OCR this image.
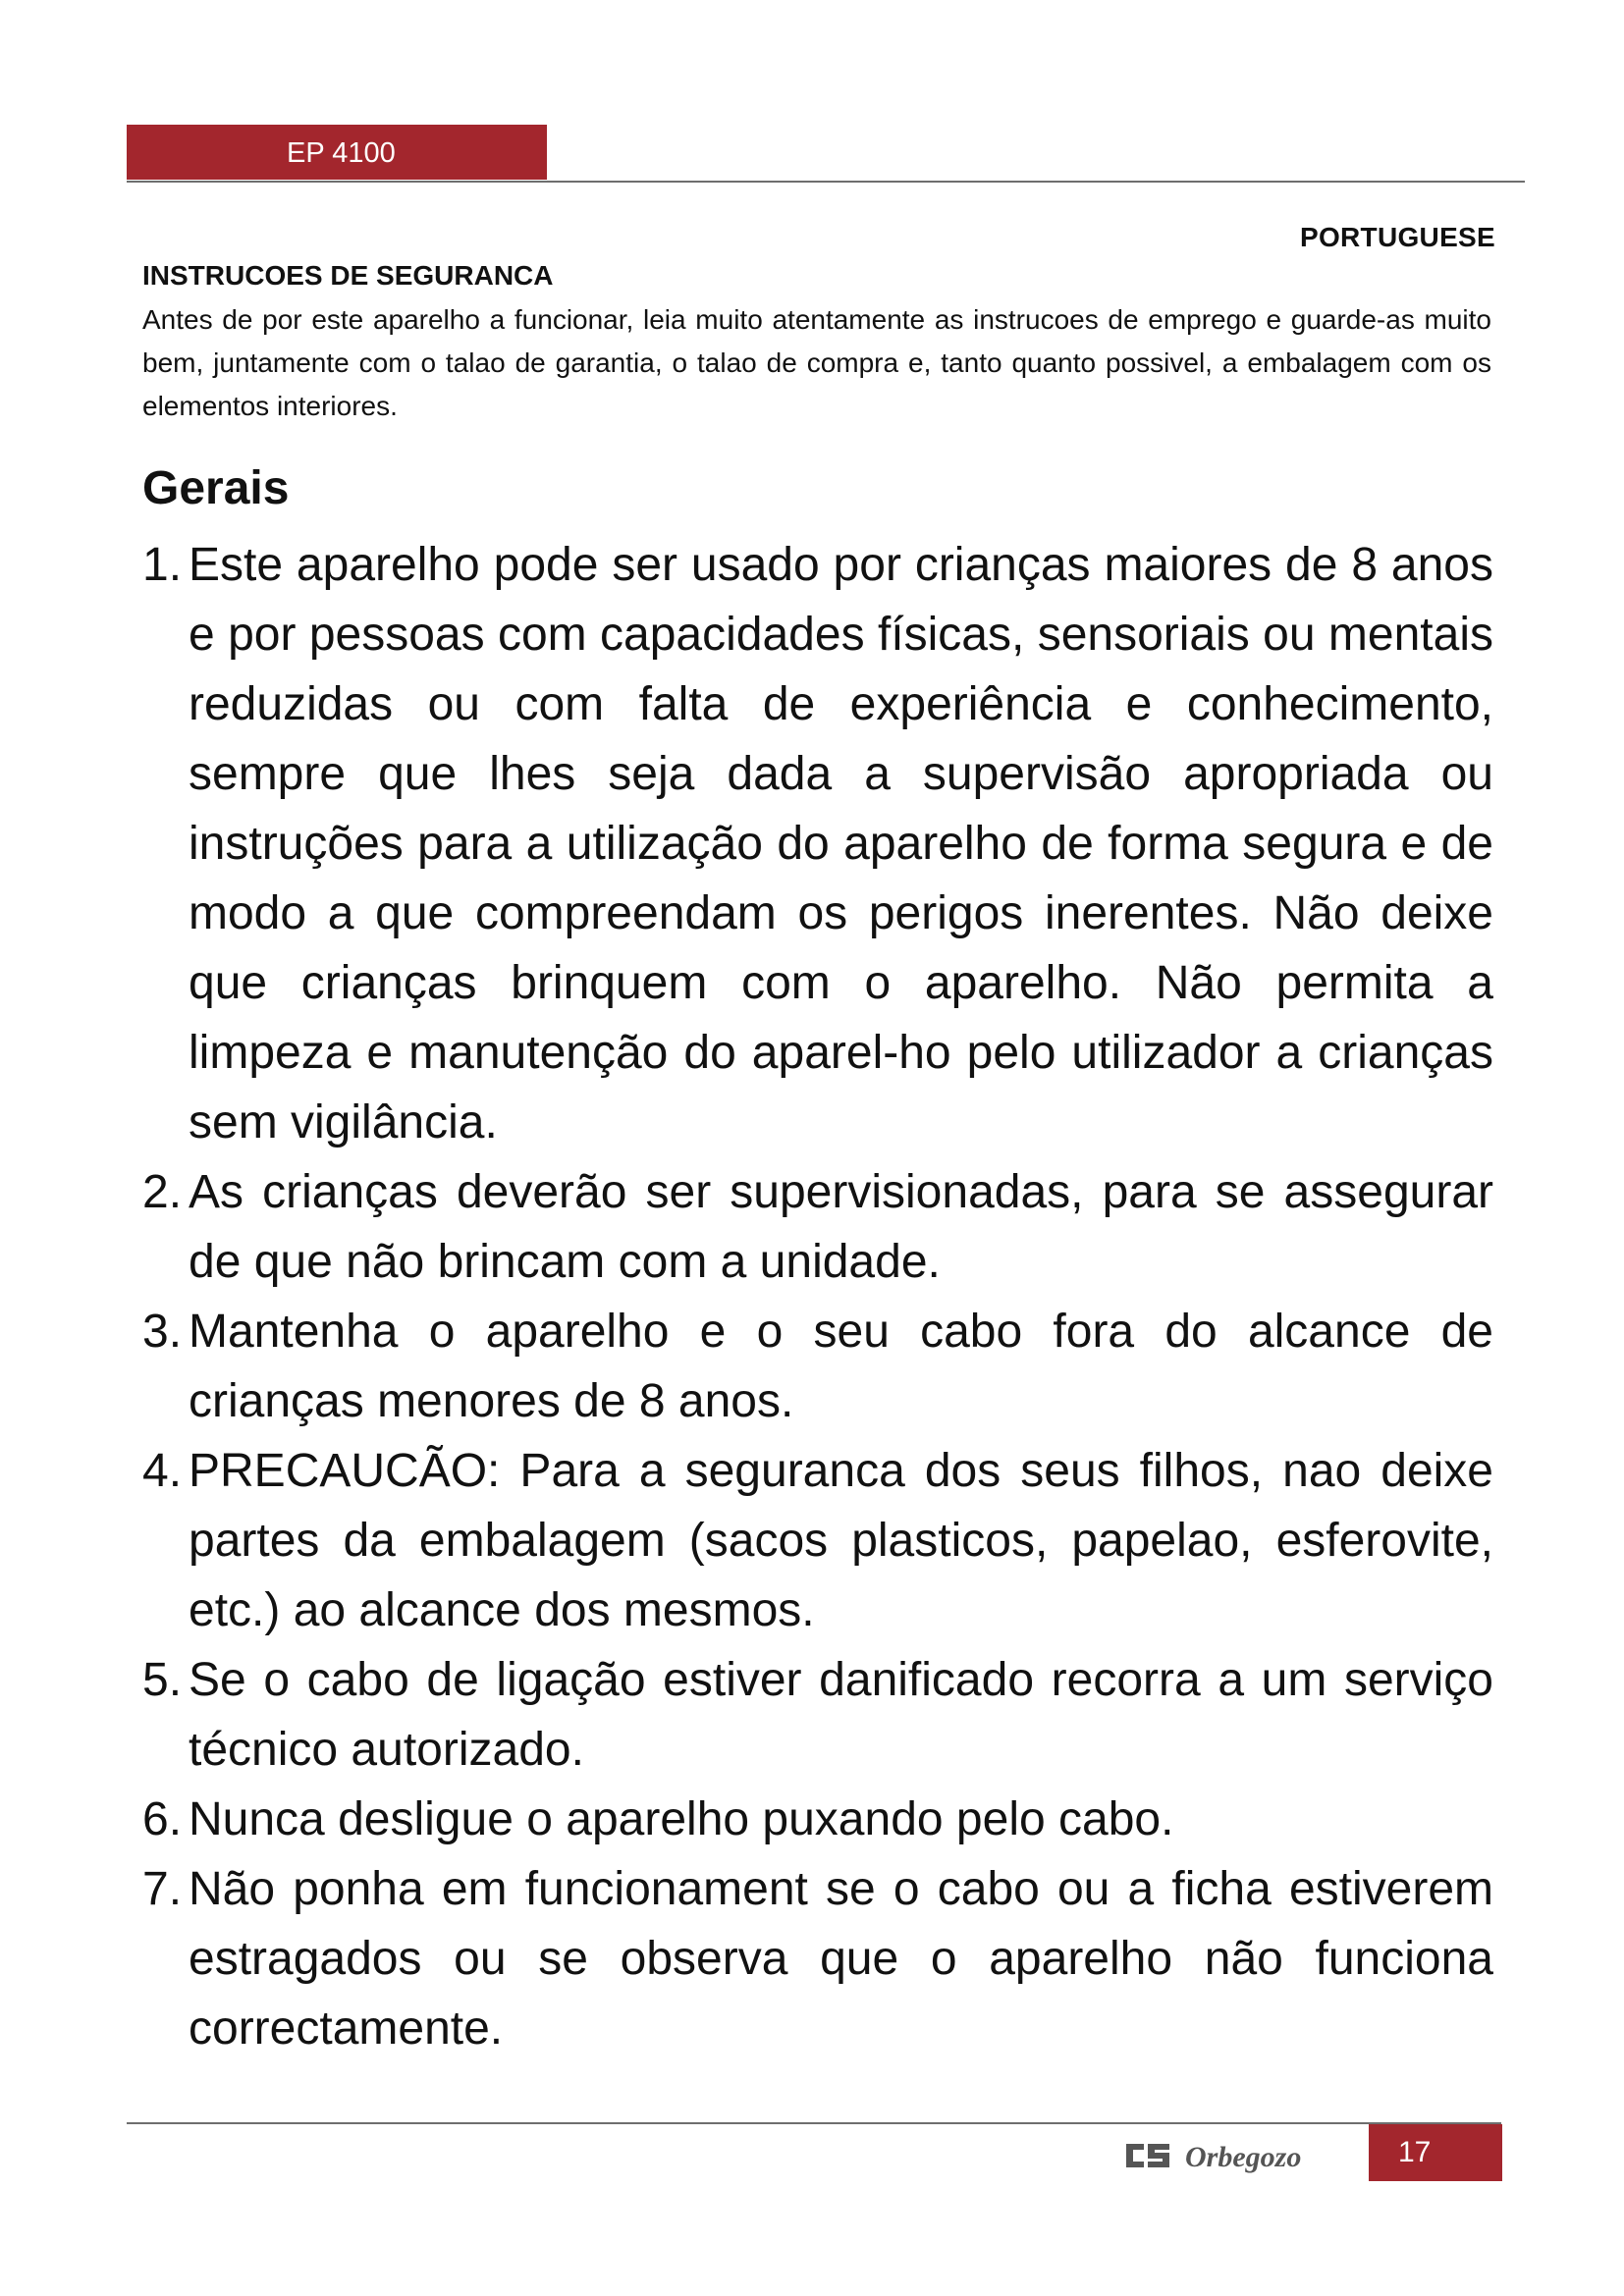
EP 4100
PORTUGUESE
INSTRUCOES DE SEGURANCA

Antes de por este aparelho a funcionar, leia muito atentamente as instrucoes de emprego e guarde-as muito bem, juntamente com o talao de garantia, o talao de compra e, tanto quanto possivel, a embalagem com os elementos interiores.

Gerais
1. Este aparelho pode ser usado por crianças maiores de 8 anos e por pessoas com capacidades físicas, sensoriais ou mentais reduzidas ou com falta de experiência e conhecimento, sempre que lhes seja dada a supervisão apropriada ou instruções para a utilização do aparelho de forma segura e de modo a que compreendam os perigos inerentes. Não deixe que crianças brinquem com o aparelho. Não permita a limpeza e manutenção do aparel-ho pelo utilizador a crianças sem vigilância.
2. As crianças deverão ser supervisionadas, para se assegurar de que não brincam com a unidade.
3. Mantenha o aparelho e o seu cabo fora do alcance de crianças menores de 8 anos.
4. PRECAUCÃO: Para a seguranca dos seus filhos, nao deixe partes da embalagem (sacos plasticos, papelao, esferovite, etc.) ao alcance dos mesmos.
5. Se o cabo de ligação estiver danificado recorra a um serviço técnico autorizado.
6. Nunca desligue o aparelho puxando pelo cabo.
7. Não ponha em funcionament se o cabo ou a ficha estiverem estragados ou se observa que o aparelho não funciona correctamente.
Orbegozo	17
